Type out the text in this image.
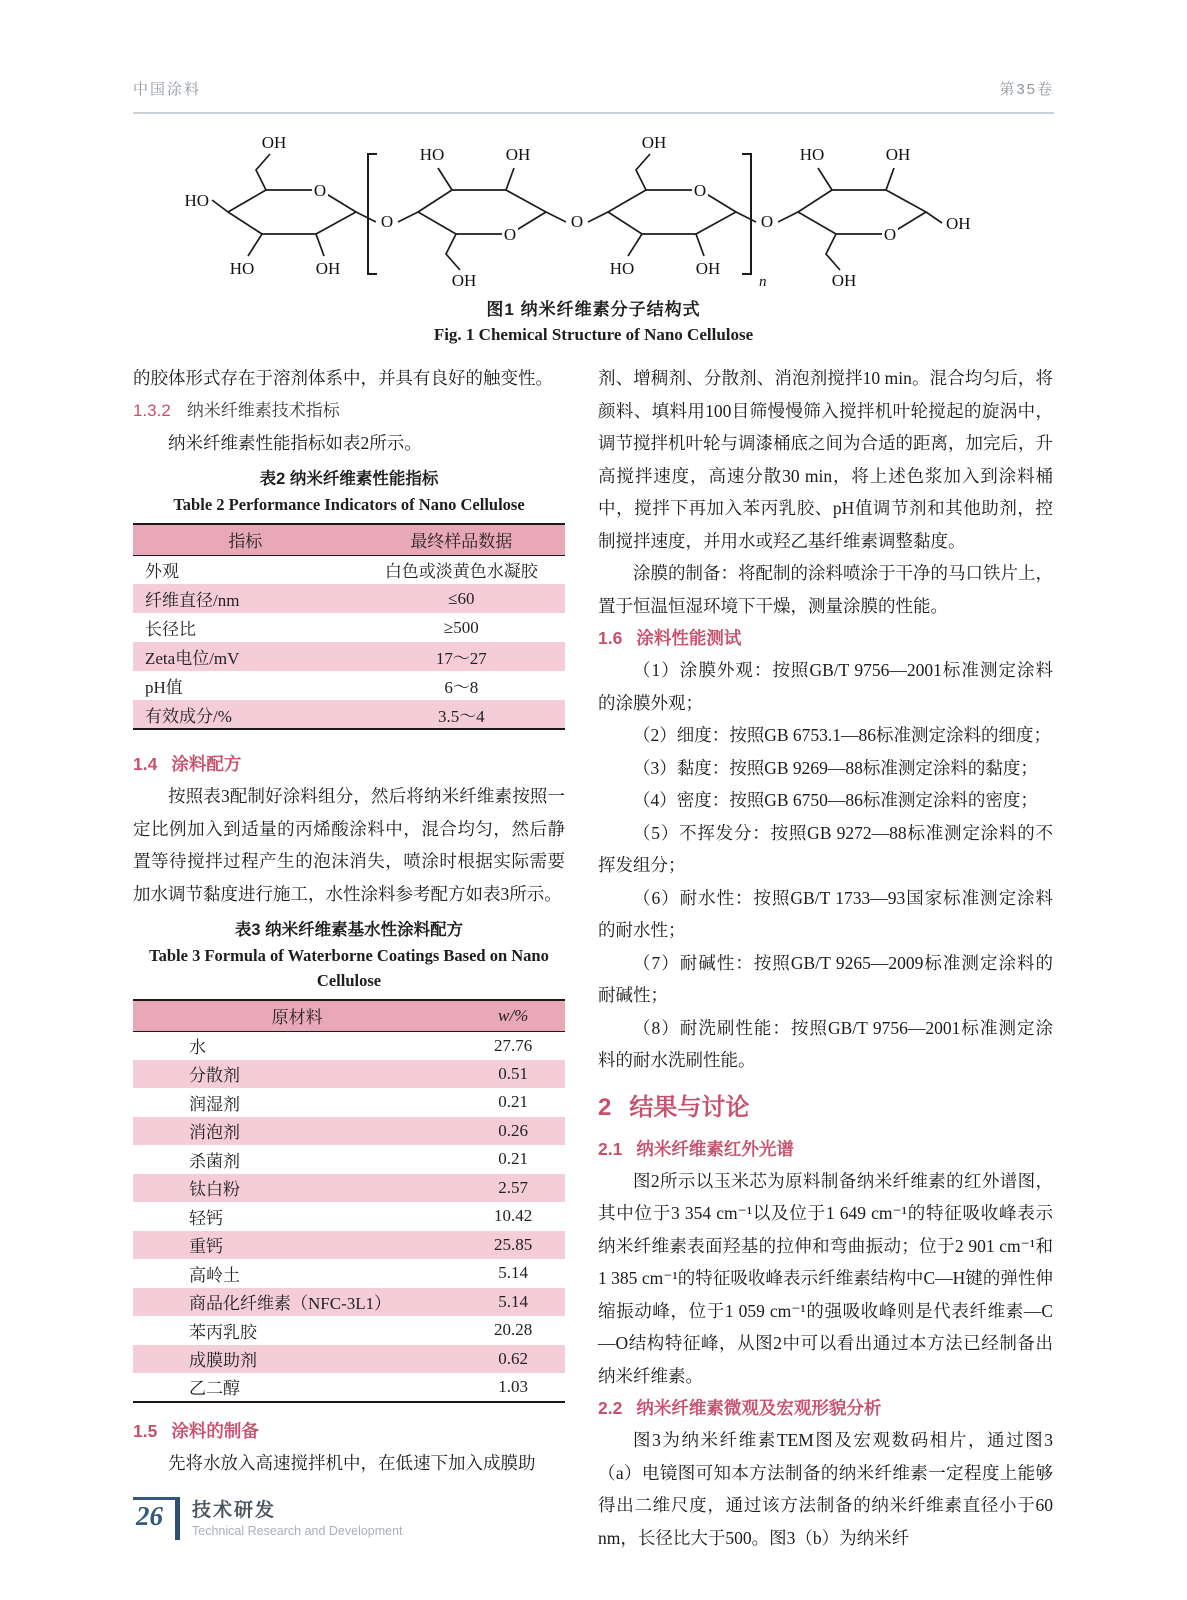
中国涂料	第35卷
O	O
O	O
O	O	O
OH
HO	OH
HO	OH
OH
OH
HO	OH
HO	OH
OH
HO
OH
n
图1 纳米纤维素分子结构式
Fig. 1 Chemical Structure of Nano Cellulose

的胶体形式存在于溶剂体系中，并具有良好的触变性。

1.3.2 纳米纤维素技术指标

纳米纤维素性能指标如表2所示。

表2 纳米纤维素性能指标
Table 2 Performance Indicators of Nano Cellulose
指标	最终样品数据
外观	白色或淡黄色水凝胶
纤维直径/nm	≤60
长径比	≥500
Zeta电位/mV	17～27
pH值	6～8
有效成分/%	3.5～4
1.4 涂料配方

按照表3配制好涂料组分，然后将纳米纤维素按照一定比例加入到适量的丙烯酸涂料中，混合均匀，然后静置等待搅拌过程产生的泡沫消失，喷涂时根据实际需要加水调节黏度进行施工，水性涂料参考配方如表3所示。

表3 纳米纤维素基水性涂料配方
Table 3 Formula of Waterborne Coatings Based on Nano Cellulose
原材料	w/%
水	27.76
分散剂	0.51
润湿剂	0.21
消泡剂	0.26
杀菌剂	0.21
钛白粉	2.57
轻钙	10.42
重钙	25.85
高岭土	5.14
商品化纤维素（NFC-3L1）	5.14
苯丙乳胶	20.28
成膜助剂	0.62
乙二醇	1.03
1.5 涂料的制备

先将水放入高速搅拌机中，在低速下加入成膜助

剂、增稠剂、分散剂、消泡剂搅拌10 min。混合均匀后，将颜料、填料用100目筛慢慢筛入搅拌机叶轮搅起的旋涡中，调节搅拌机叶轮与调漆桶底之间为合适的距离，加完后，升高搅拌速度，高速分散30 min，将上述色浆加入到涂料桶中，搅拌下再加入苯丙乳胶、pH值调节剂和其他助剂，控制搅拌速度，并用水或羟乙基纤维素调整黏度。

涂膜的制备：将配制的涂料喷涂于干净的马口铁片上，置于恒温恒湿环境下干燥，测量涂膜的性能。

1.6 涂料性能测试

（1）涂膜外观：按照GB/T 9756—2001标准测定涂料的涂膜外观；

（2）细度：按照GB 6753.1—86标准测定涂料的细度；

（3）黏度：按照GB 9269—88标准测定涂料的黏度；

（4）密度：按照GB 6750—86标准测定涂料的密度；

（5）不挥发分：按照GB 9272—88标准测定涂料的不挥发组分；

（6）耐水性：按照GB/T 1733—93国家标准测定涂料的耐水性；

（7）耐碱性：按照GB/T 9265—2009标准测定涂料的耐碱性；

（8）耐洗刷性能：按照GB/T 9756—2001标准测定涂料的耐水洗刷性能。

2 结果与讨论
2.1 纳米纤维素红外光谱

图2所示以玉米芯为原料制备纳米纤维素的红外谱图，其中位于3 354 cm⁻¹以及位于1 649 cm⁻¹的特征吸收峰表示纳米纤维素表面羟基的拉伸和弯曲振动；位于2 901 cm⁻¹和1 385 cm⁻¹的特征吸收峰表示纤维素结构中C—H键的弹性伸缩振动峰，位于1 059 cm⁻¹的强吸收峰则是代表纤维素—C—O结构特征峰，从图2中可以看出通过本方法已经制备出纳米纤维素。

2.2 纳米纤维素微观及宏观形貌分析

图3为纳米纤维素TEM图及宏观数码相片，通过图3（a）电镜图可知本方法制备的纳米纤维素一定程度上能够得出二维尺度，通过该方法制备的纳米纤维素直径小于60 nm，长径比大于500。图3（b）为纳米纤

26 技术研发
Technical Research and Development
